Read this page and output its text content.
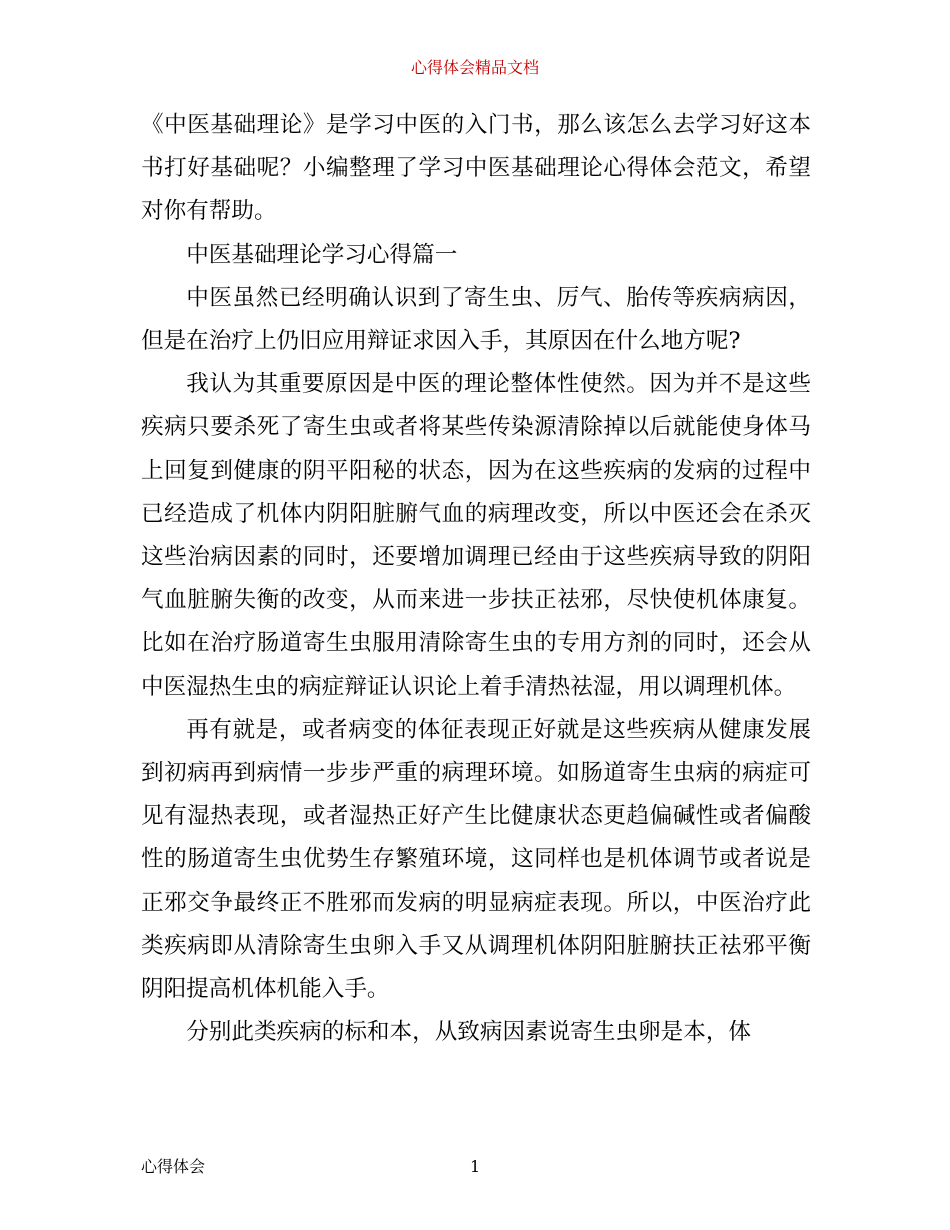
心得体会精品文档

《中医基础理论》是学习中医的入门书，那么该怎么去学习好这本书打好基础呢？小编整理了学习中医基础理论心得体会范文，希望对你有帮助。

中医基础理论学习心得篇一

中医虽然已经明确认识到了寄生虫、厉气、胎传等疾病病因，但是在治疗上仍旧应用辩证求因入手，其原因在什么地方呢?

我认为其重要原因是中医的理论整体性使然。因为并不是这些疾病只要杀死了寄生虫或者将某些传染源清除掉以后就能使身体马上回复到健康的阴平阳秘的状态，因为在这些疾病的发病的过程中已经造成了机体内阴阳脏腑气血的病理改变，所以中医还会在杀灭这些治病因素的同时，还要增加调理已经由于这些疾病导致的阴阳气血脏腑失衡的改变，从而来进一步扶正祛邪，尽快使机体康复。比如在治疗肠道寄生虫服用清除寄生虫的专用方剂的同时，还会从中医湿热生虫的病症辩证认识论上着手清热祛湿，用以调理机体。

再有就是，或者病变的体征表现正好就是这些疾病从健康发展到初病再到病情一步步严重的病理环境。如肠道寄生虫病的病症可见有湿热表现，或者湿热正好产生比健康状态更趋偏碱性或者偏酸性的肠道寄生虫优势生存繁殖环境，这同样也是机体调节或者说是正邪交争最终正不胜邪而发病的明显病症表现。所以，中医治疗此类疾病即从清除寄生虫卵入手又从调理机体阴阳脏腑扶正祛邪平衡阴阳提高机体机能入手。

分别此类疾病的标和本，从致病因素说寄生虫卵是本，体

心得体会	1
